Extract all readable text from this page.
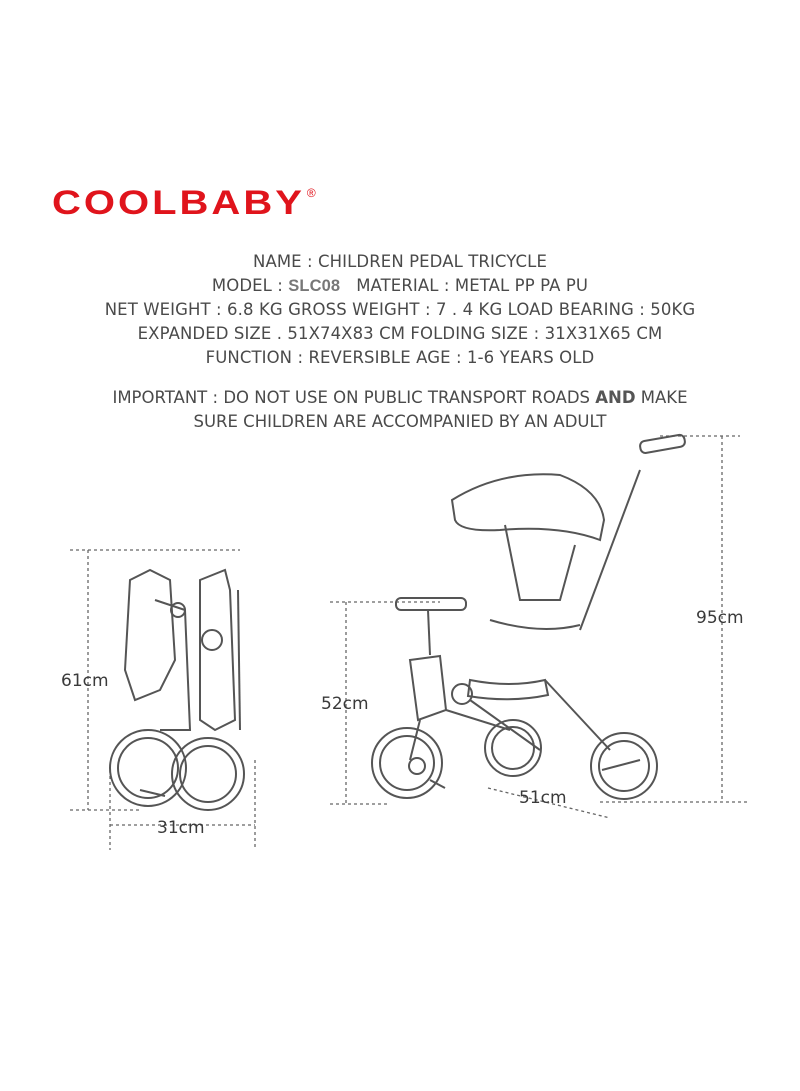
COOLBABY ®
NAME : CHILDREN PEDAL TRICYCLE
MODEL : SLC08   MATERIAL : METAL PP PA PU
NET WEIGHT : 6.8 KG GROSS WEIGHT : 7 . 4 KG LOAD BEARING : 50KG
EXPANDED SIZE . 51X74X83 CM FOLDING SIZE : 31X31X65 CM
FUNCTION : REVERSIBLE AGE : 1-6 YEARS OLD
IMPORTANT : DO NOT USE ON PUBLIC TRANSPORT ROADS AND MAKE
SURE CHILDREN ARE ACCOMPANIED BY AN ADULT
61cm
31cm
52cm
95cm
51cm
